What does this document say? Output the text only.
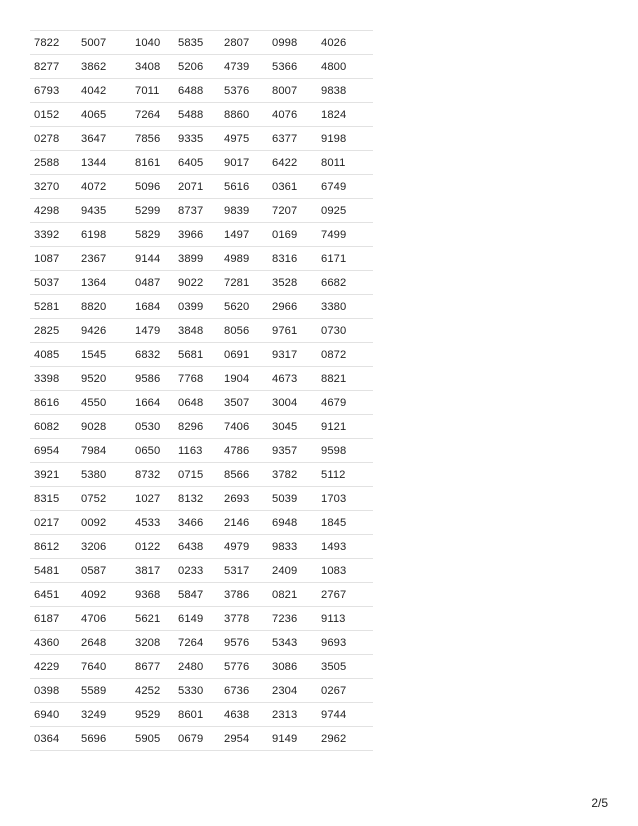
7822	5007	1040	5835	2807	0998	4026
8277	3862	3408	5206	4739	5366	4800
6793	4042	7011	6488	5376	8007	9838
0152	4065	7264	5488	8860	4076	1824
0278	3647	7856	9335	4975	6377	9198
2588	1344	8161	6405	9017	6422	8011
3270	4072	5096	2071	5616	0361	6749
4298	9435	5299	8737	9839	7207	0925
3392	6198	5829	3966	1497	0169	7499
1087	2367	9144	3899	4989	8316	6171
5037	1364	0487	9022	7281	3528	6682
5281	8820	1684	0399	5620	2966	3380
2825	9426	1479	3848	8056	9761	0730
4085	1545	6832	5681	0691	9317	0872
3398	9520	9586	7768	1904	4673	8821
8616	4550	1664	0648	3507	3004	4679
6082	9028	0530	8296	7406	3045	9121
6954	7984	0650	1163	4786	9357	9598
3921	5380	8732	0715	8566	3782	5112
8315	0752	1027	8132	2693	5039	1703
0217	0092	4533	3466	2146	6948	1845
8612	3206	0122	6438	4979	9833	1493
5481	0587	3817	0233	5317	2409	1083
6451	4092	9368	5847	3786	0821	2767
6187	4706	5621	6149	3778	7236	9113
4360	2648	3208	7264	9576	5343	9693
4229	7640	8677	2480	5776	3086	3505
0398	5589	4252	5330	6736	2304	0267
6940	3249	9529	8601	4638	2313	9744
0364	5696	5905	0679	2954	9149	2962
2/5
